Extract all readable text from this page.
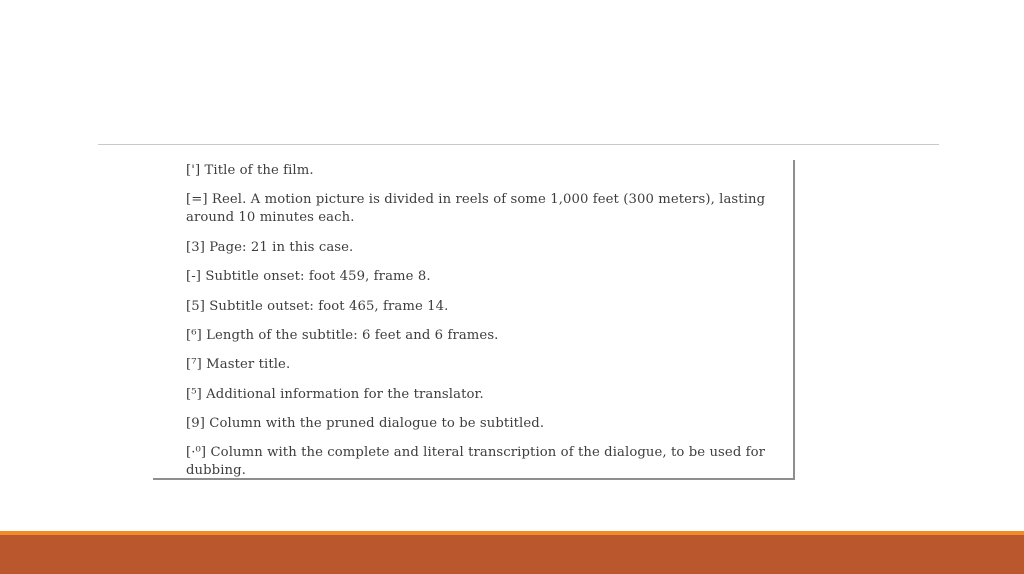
['] Title of the film.
[=] Reel. A motion picture is divided in reels of some 1,000 feet (300 meters), lasting around 10 minutes each.
[3] Page: 21 in this case.
[-] Subtitle onset: foot 459, frame 8.
[5] Subtitle outset: foot 465, frame 14.
[⁶] Length of the subtitle: 6 feet and 6 frames.
[⁷] Master title.
[⁵] Additional information for the translator.
[9] Column with the pruned dialogue to be subtitled.
[·⁰] Column with the complete and literal transcription of the dialogue, to be used for dubbing.
